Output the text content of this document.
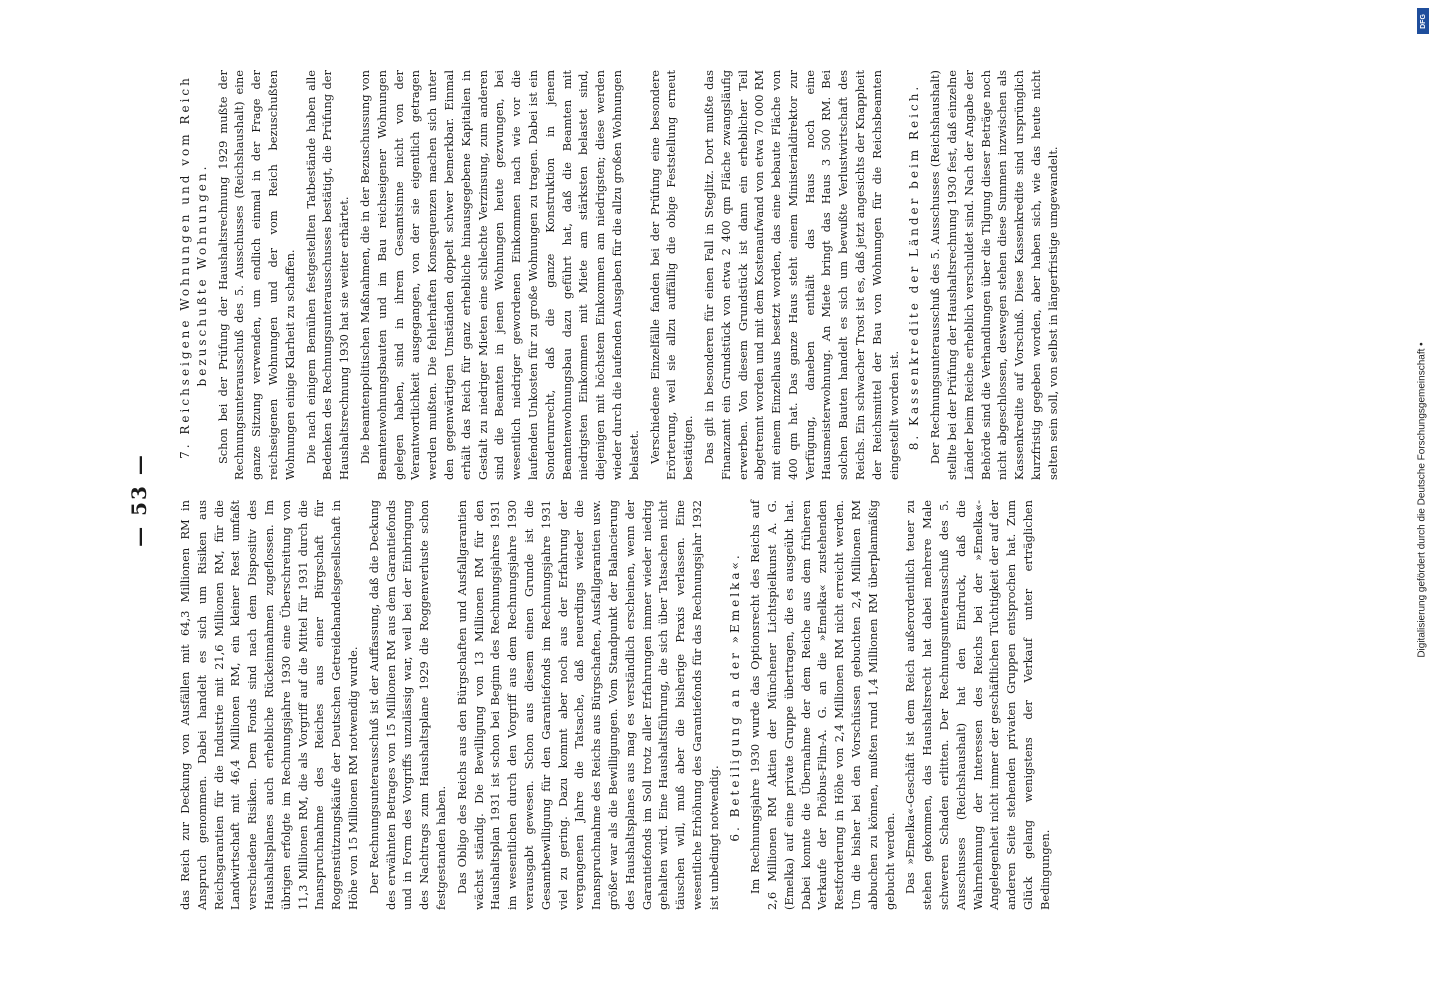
— 53 — das Reich zur Deckung von Ausfällen mit 64,3 Millionen RM in Anspruch genommen. Dabei handelt es sich um Risiken aus Reichsgarantien für die Industrie mit 21,6 Millionen RM, für die Landwirtschaft mit 46,4 Millionen RM, ein kleiner Rest umfaßt verschiedene Risiken. Dem Fonds sind nach dem Dispositiv des Haushaltsplanes auch erhebliche Rückeinnahmen zugeflossen. Im übrigen erfolgte im Rechnungsjahre 1930 eine Überschreitung von 11,3 Millionen RM, die als Vorgriff auf die Mittel für 1931 durch die Inanspruchnahme des Reiches aus einer Bürgschaft für Roggenstützungskäufe der Deutschen Getreidehandelsgesellschaft in Höhe von 15 Millionen RM notwendig wurde. Der Rechnungsunterausschuß ist der Auffassung, daß die Deckung des erwähnten Betrages von 15 Millionen RM aus dem Garantiefonds und in Form des Vorgriffs unzulässig war, weil bei der Einbringung des Nachtrags zum Haushaltsplane 1929 die Roggenverluste schon festgestanden haben. Das Obligo des Reichs aus den Bürgschaften und Ausfallgarantien wächst ständig. Die Bewilligung von 13 Millionen RM für den Haushaltsplan 1931 ist schon bei Beginn des Rechnungsjahres 1931 im wesentlichen durch den Vorgriff aus dem Rechnungsjahre 1930 verausgabt gewesen. Schon aus diesem einen Grunde ist die Gesamtbewilligung für den Garantiefonds im Rechnungsjahre 1931 viel zu gering. Dazu kommt aber noch aus der Erfahrung der vergangenen Jahre die Tatsache, daß neuerdings wieder die Inanspruchnahme des Reichs aus Bürgschaften, Ausfallgarantien usw. größer war als die Bewilligungen. Vom Standpunkt der Balancierung des Haushaltsplanes aus mag es verständlich erscheinen, wenn der Garantiefonds im Soll trotz aller Erfahrungen immer wieder niedrig gehalten wird. Eine Haushaltsführung, die sich über Tatsachen nicht täuschen will, muß aber die bisherige Praxis verlassen. Eine wesentliche Erhöhung des Garantiefonds für das Rechnungsjahr 1932 ist unbedingt notwendig. 6. Beteiligung an der »Emelka«. Im Rechnungsjahre 1930 wurde das Optionsrecht des Reichs auf 2,6 Millionen RM Aktien der Münchener Lichtspielkunst A. G. (Emelka) auf eine private Gruppe übertragen, die es ausgeübt hat. Dabei konnte die Übernahme der dem Reiche aus dem früheren Verkaufe der Phöbus-Film-A. G. an die »Emelka« zustehenden Restforderung in Höhe von 2,4 Millionen RM nicht erreicht werden. Um die bisher bei den Vorschüssen gebuchten 2,4 Millionen RM abbuchen zu können, mußten rund 1,4 Millionen RM überplanmäßig gebucht werden. Das »Emelka«-Geschäft ist dem Reich außerordentlich teuer zu stehen gekommen, das Haushaltsrecht hat dabei mehrere Male schweren Schaden erlitten. Der Rechnungsunterausschuß des 5. Ausschusses (Reichshaushalt) hat den Eindruck, daß die Wahrnehmung der Interessen des Reichs bei der »Emelka«-Angelegenheit nicht immer der geschäftlichen Tüchtigkeit der auf der anderen Seite stehenden privaten Gruppen entsprochen hat. Zum Glück gelang wenigstens der Verkauf unter erträglichen Bedingungen.

7. Reichseigene Wohnungen und vom Reich bezuschußte Wohnungen. Schon bei der Prüfung der Haushaltsrechnung 1929 mußte der Rechnungsunterausschuß des 5. Ausschusses (Reichshaushalt) eine ganze Sitzung verwenden, um endlich einmal in der Frage der reichseigenen Wohnungen und der vom Reich bezuschußten Wohnungen einige Klarheit zu schaffen. Die nach einigem Bemühen festgestellten Tatbestände haben alle Bedenken des Rechnungsunterausschusses bestätigt, die Prüfung der Haushaltsrechnung 1930 hat sie weiter erhärtet. Die beamtenpolitischen Maßnahmen, die in der Bezuschussung von Beamtenwohnungsbauten und im Bau reichseigener Wohnungen gelegen haben, sind in ihrem Gesamtsinne nicht von der Verantwortlichkeit ausgegangen, von der sie eigentlich getragen werden mußten. Die fehlerhaften Konsequenzen machen sich unter den gegenwärtigen Umständen doppelt schwer bemerkbar. Einmal erhält das Reich für ganz erhebliche hinausgegebene Kapitalien in Gestalt zu niedriger Mieten eine schlechte Verzinsung, zum anderen sind die Beamten in jenen Wohnungen heute gezwungen, bei wesentlich niedriger gewordenen Einkommen nach wie vor die laufenden Unkosten für zu große Wohnungen zu tragen. Dabei ist ein Sonderunrecht, daß die ganze Konstruktion in jenem Beamtenwohnungsbau dazu geführt hat, daß die Beamten mit niedrigsten Einkommen mit Miete am stärksten belastet sind, diejenigen mit höchstem Einkommen am niedrigsten; diese werden wieder durch die laufenden Ausgaben für die allzu großen Wohnungen belastet. Verschiedene Einzelfälle fanden bei der Prüfung eine besondere Erörterung, weil sie allzu auffällig die obige Feststellung erneut bestätigen. Das gilt in besonderen für einen Fall in Steglitz. Dort mußte das Finanzamt ein Grundstück von etwa 2 400 qm Fläche zwangsläufig erwerben. Von diesem Grundstück ist dann ein erheblicher Teil abgetrennt worden und mit dem Kostenaufwand von etwa 70 000 RM mit einem Einzelhaus besetzt worden, das eine bebaute Fläche von 400 qm hat. Das ganze Haus steht einem Ministerialdirektor zur Verfügung, daneben enthält das Haus noch eine Hausmeisterwohnung. An Miete bringt das Haus 3 500 RM. Bei solchen Bauten handelt es sich um bewußte Verlustwirtschaft des Reichs. Ein schwacher Trost ist es, daß jetzt angesichts der Knappheit der Reichsmittel der Bau von Wohnungen für die Reichsbeamten eingestellt worden ist. 8. Kassenkredite der Länder beim Reich. Der Rechnungsunterausschuß des 5. Ausschusses (Reichshaushalt) stellte bei der Prüfung der Haushaltsrechnung 1930 fest, daß einzelne Länder beim Reiche erheblich verschuldet sind. Nach der Angabe der Behörde sind die Verhandlungen über die Tilgung dieser Beträge noch nicht abgeschlossen, deswegen stehen diese Summen inzwischen als Kassenkredite auf Vorschuß. Diese Kassenkredite sind ursprünglich kurzfristig gegeben worden, aber haben sich, wie das heute nicht selten sein soll, von selbst in längerfristige umgewandelt.

Digitalisierung gefördert durch die Deutsche Forschungsgemeinschaft •
DFG
